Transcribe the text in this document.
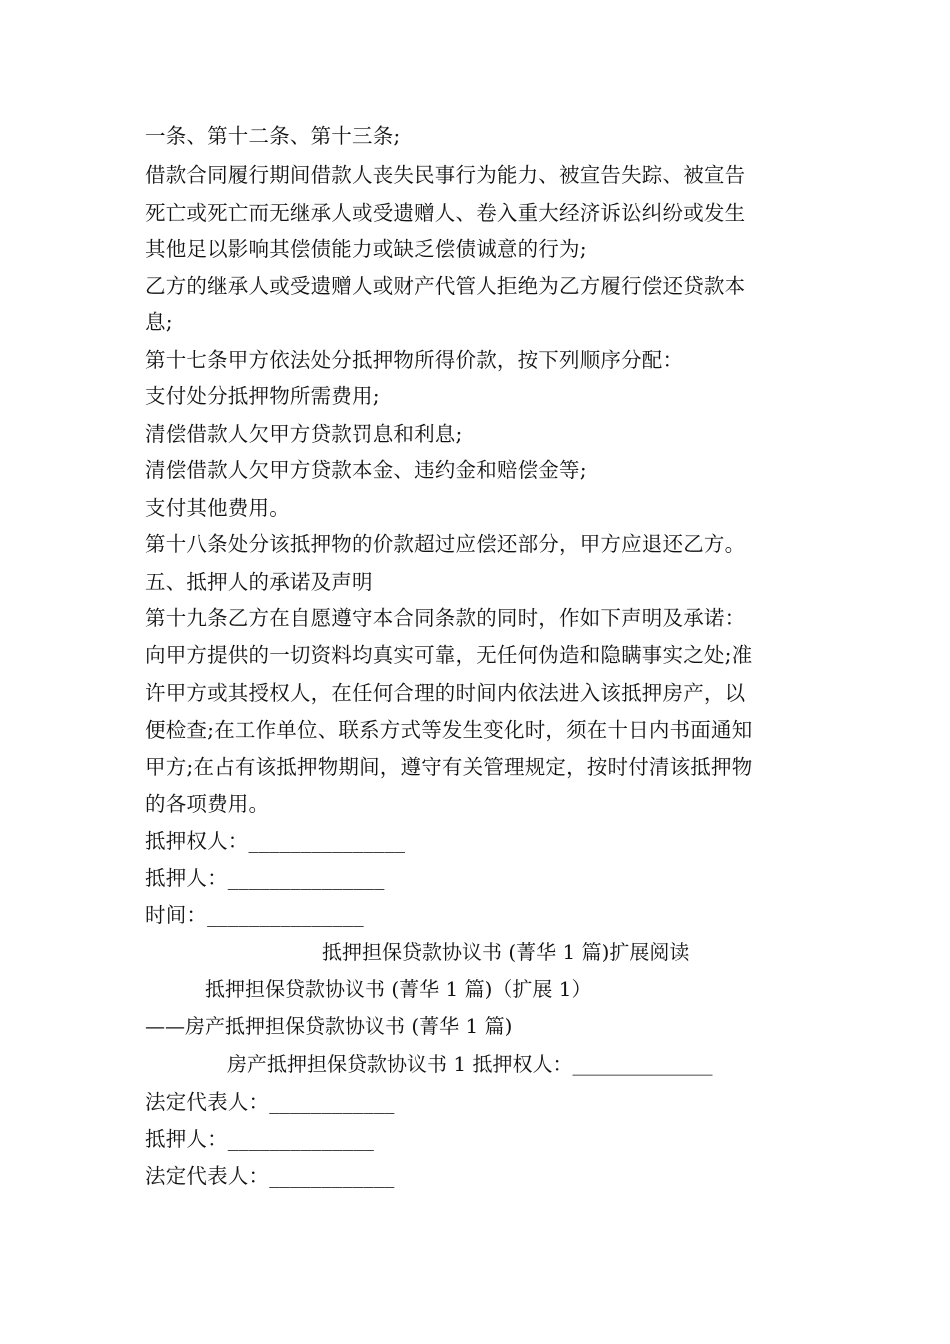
一条、第十二条、第十三条;
借款合同履行期间借款人丧失民事行为能力、被宣告失踪、被宣告
死亡或死亡而无继承人或受遗赠人、卷入重大经济诉讼纠纷或发生
其他足以影响其偿债能力或缺乏偿债诚意的行为;
乙方的继承人或受遗赠人或财产代管人拒绝为乙方履行偿还贷款本
息;
第十七条甲方依法处分抵押物所得价款，按下列顺序分配：
支付处分抵押物所需费用;
清偿借款人欠甲方贷款罚息和利息;
清偿借款人欠甲方贷款本金、违约金和赔偿金等;
支付其他费用。
第十八条处分该抵押物的价款超过应偿还部分，甲方应退还乙方。
五、抵押人的承诺及声明
第十九条乙方在自愿遵守本合同条款的同时，作如下声明及承诺：
向甲方提供的一切资料均真实可靠，无任何伪造和隐瞒事实之处;准
许甲方或其授权人，在任何合理的时间内依法进入该抵押房产，以
便检查;在工作单位、联系方式等发生变化时，须在十日内书面通知
甲方;在占有该抵押物期间，遵守有关管理规定，按时付清该抵押物
的各项费用。
抵押权人：_______________
抵押人：_______________
时间：_______________
抵押担保贷款协议书 (菁华 1 篇)扩展阅读
抵押担保贷款协议书 (菁华 1 篇)（扩展 1）
——房产抵押担保贷款协议书 (菁华 1 篇)
房产抵押担保贷款协议书 1 抵押权人：______________
法定代表人：____________
抵押人：______________
法定代表人：____________
